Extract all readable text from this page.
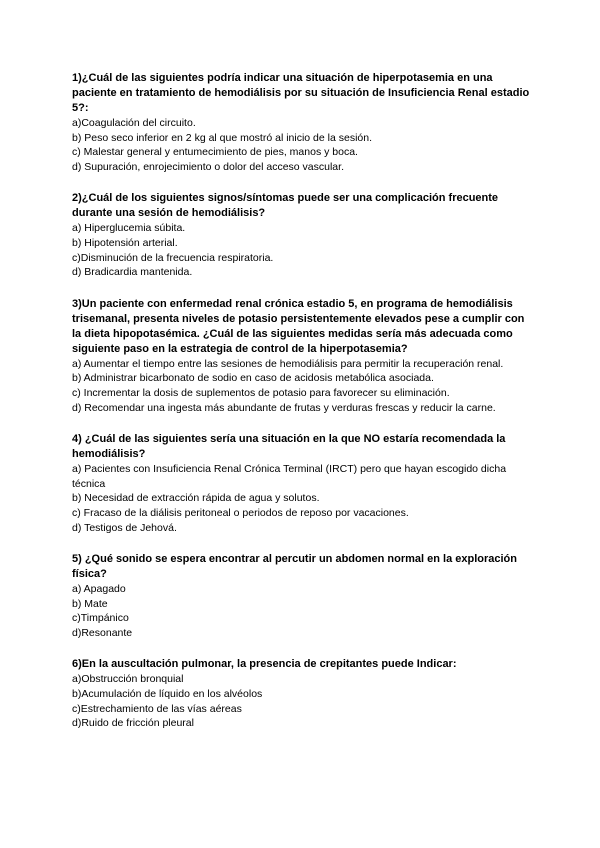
1)¿Cuál de las siguientes podría indicar una situación de hiperpotasemia en una paciente en tratamiento de hemodiálisis por su situación de Insuficiencia Renal estadio 5?:

a)Coagulación del circuito.

b) Peso seco inferior en 2 kg al que mostró al inicio de la sesión.

c) Malestar general y entumecimiento de pies, manos y boca.

d) Supuración, enrojecimiento o dolor del acceso vascular.

2)¿Cuál de los siguientes signos/síntomas puede ser una complicación frecuente durante una sesión de hemodiálisis?

a) Hiperglucemia súbita.

b) Hipotensión arterial.

c)Disminución de la frecuencia respiratoria.

d) Bradicardia mantenida.

3)Un paciente con enfermedad renal crónica estadio 5, en programa de hemodiálisis trisemanal, presenta niveles de potasio persistentemente elevados pese a cumplir con la dieta hipopotasémica. ¿Cuál de las siguientes medidas sería más adecuada como siguiente paso en la estrategia de control de la hiperpotasemia?

a) Aumentar el tiempo entre las sesiones de hemodiálisis para permitir la recuperación renal.

b) Administrar bicarbonato de sodio en caso de acidosis metabólica asociada.

c) Incrementar la dosis de suplementos de potasio para favorecer su eliminación.

d) Recomendar una ingesta más abundante de frutas y verduras frescas y reducir la carne.

4) ¿Cuál de las siguientes sería una situación en la que NO estaría recomendada la hemodiálisis?

a) Pacientes con Insuficiencia Renal Crónica Terminal (IRCT) pero que hayan escogido dicha técnica

b) Necesidad de extracción rápida de agua y solutos.

c) Fracaso de la diálisis peritoneal o periodos de reposo por vacaciones.

d) Testigos de Jehová.

5) ¿Qué sonido se espera encontrar al percutir un abdomen normal en la exploración física?

a) Apagado

b) Mate

c)Timpánico

d)Resonante

6)En la auscultación pulmonar, la presencia de crepitantes puede Indicar:

a)Obstrucción bronquial

b)Acumulación de líquido en los alvéolos

c)Estrechamiento de las vías aéreas

d)Ruido de fricción pleural
